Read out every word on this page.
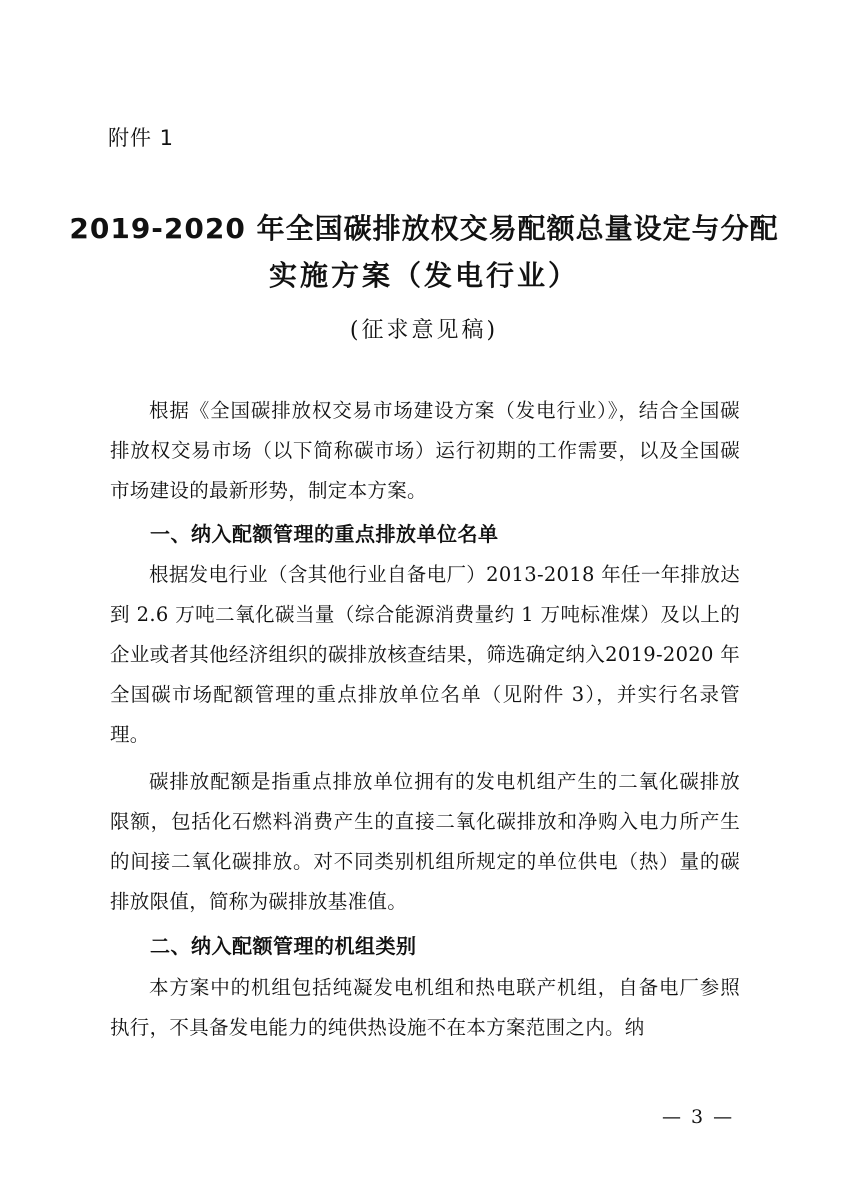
附件 1
2019-2020 年全国碳排放权交易配额总量设定与分配
实施方案（发电行业）
(征求意见稿)

根据《全国碳排放权交易市场建设方案（发电行业）》，结合全国碳排放权交易市场（以下简称碳市场）运行初期的工作需要，以及全国碳市场建设的最新形势，制定本方案。

一、纳入配额管理的重点排放单位名单

根据发电行业（含其他行业自备电厂）2013-2018 年任一年排放达到 2.6 万吨二氧化碳当量（综合能源消费量约 1 万吨标准煤）及以上的企业或者其他经济组织的碳排放核查结果，筛选确定纳入2019-2020 年全国碳市场配额管理的重点排放单位名单（见附件 3），并实行名录管理。

碳排放配额是指重点排放单位拥有的发电机组产生的二氧化碳排放限额，包括化石燃料消费产生的直接二氧化碳排放和净购入电力所产生的间接二氧化碳排放。对不同类别机组所规定的单位供电（热）量的碳排放限值，简称为碳排放基准值。

二、纳入配额管理的机组类别

本方案中的机组包括纯凝发电机组和热电联产机组，自备电厂参照执行，不具备发电能力的纯供热设施不在本方案范围之内。纳

— 3 —
